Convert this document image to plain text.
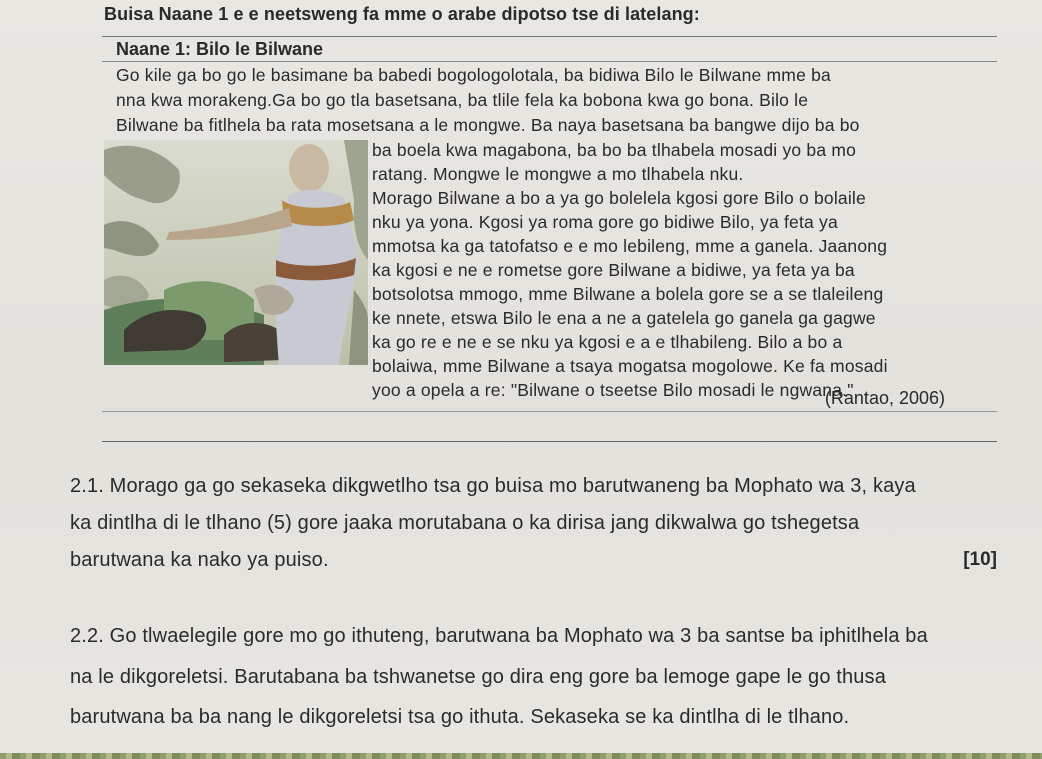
Buisa Naane 1 e e neetsweng fa mme o arabe dipotso tse di latelang:
Naane 1: Bilo le Bilwane
Go kile ga bo go le basimane ba babedi bogologolotala, ba bidiwa Bilo le Bilwane mme ba
nna kwa morakeng.Ga bo go tla basetsana, ba tlile fela ka bobona kwa go bona. Bilo le
Bilwane ba fitlhela ba rata mosetsana a le mongwe. Ba naya basetsana ba bangwe dijo ba bo
ba boela kwa magabona, ba bo ba tlhabela mosadi yo ba mo
ratang. Mongwe le mongwe a mo tlhabela nku.
Morago Bilwane a bo a ya go bolelela kgosi gore Bilo o bolaile
nku ya yona. Kgosi ya roma gore go bidiwe Bilo, ya feta ya
mmotsa ka ga tatofatso e e mo lebileng, mme a ganela. Jaanong
ka kgosi e ne e rometse gore Bilwane a bidiwe, ya feta ya ba
botsolotsa mmogo, mme Bilwane a bolela gore se a se tlaleileng
ke nnete, etswa Bilo le ena a ne a gatelela go ganela ga gagwe
ka go re e ne e se nku ya kgosi e a e tlhabileng. Bilo a bo a
bolaiwa, mme Bilwane a tsaya mogatsa mogolowe. Ke fa mosadi
yoo a opela a re: "Bilwane o tseetse Bilo mosadi le ngwana."
(Rantao, 2006)
2.1. Morago ga go sekaseka dikgwetlho tsa go buisa mo barutwaneng ba Mophato wa 3, kaya
ka dintlha di le tlhano (5) gore jaaka morutabana o ka dirisa jang dikwalwa go tshegetsa
barutwana ka nako ya puiso.	[10]
2.2. Go tlwaelegile gore mo go ithuteng, barutwana ba Mophato wa 3 ba santse ba iphitlhela ba
na le dikgoreletsi. Barutabana ba tshwanetse go dira eng gore ba lemoge gape le go thusa
barutwana ba ba nang le dikgoreletsi tsa go ithuta. Sekaseka se ka dintlha di le tlhano.
